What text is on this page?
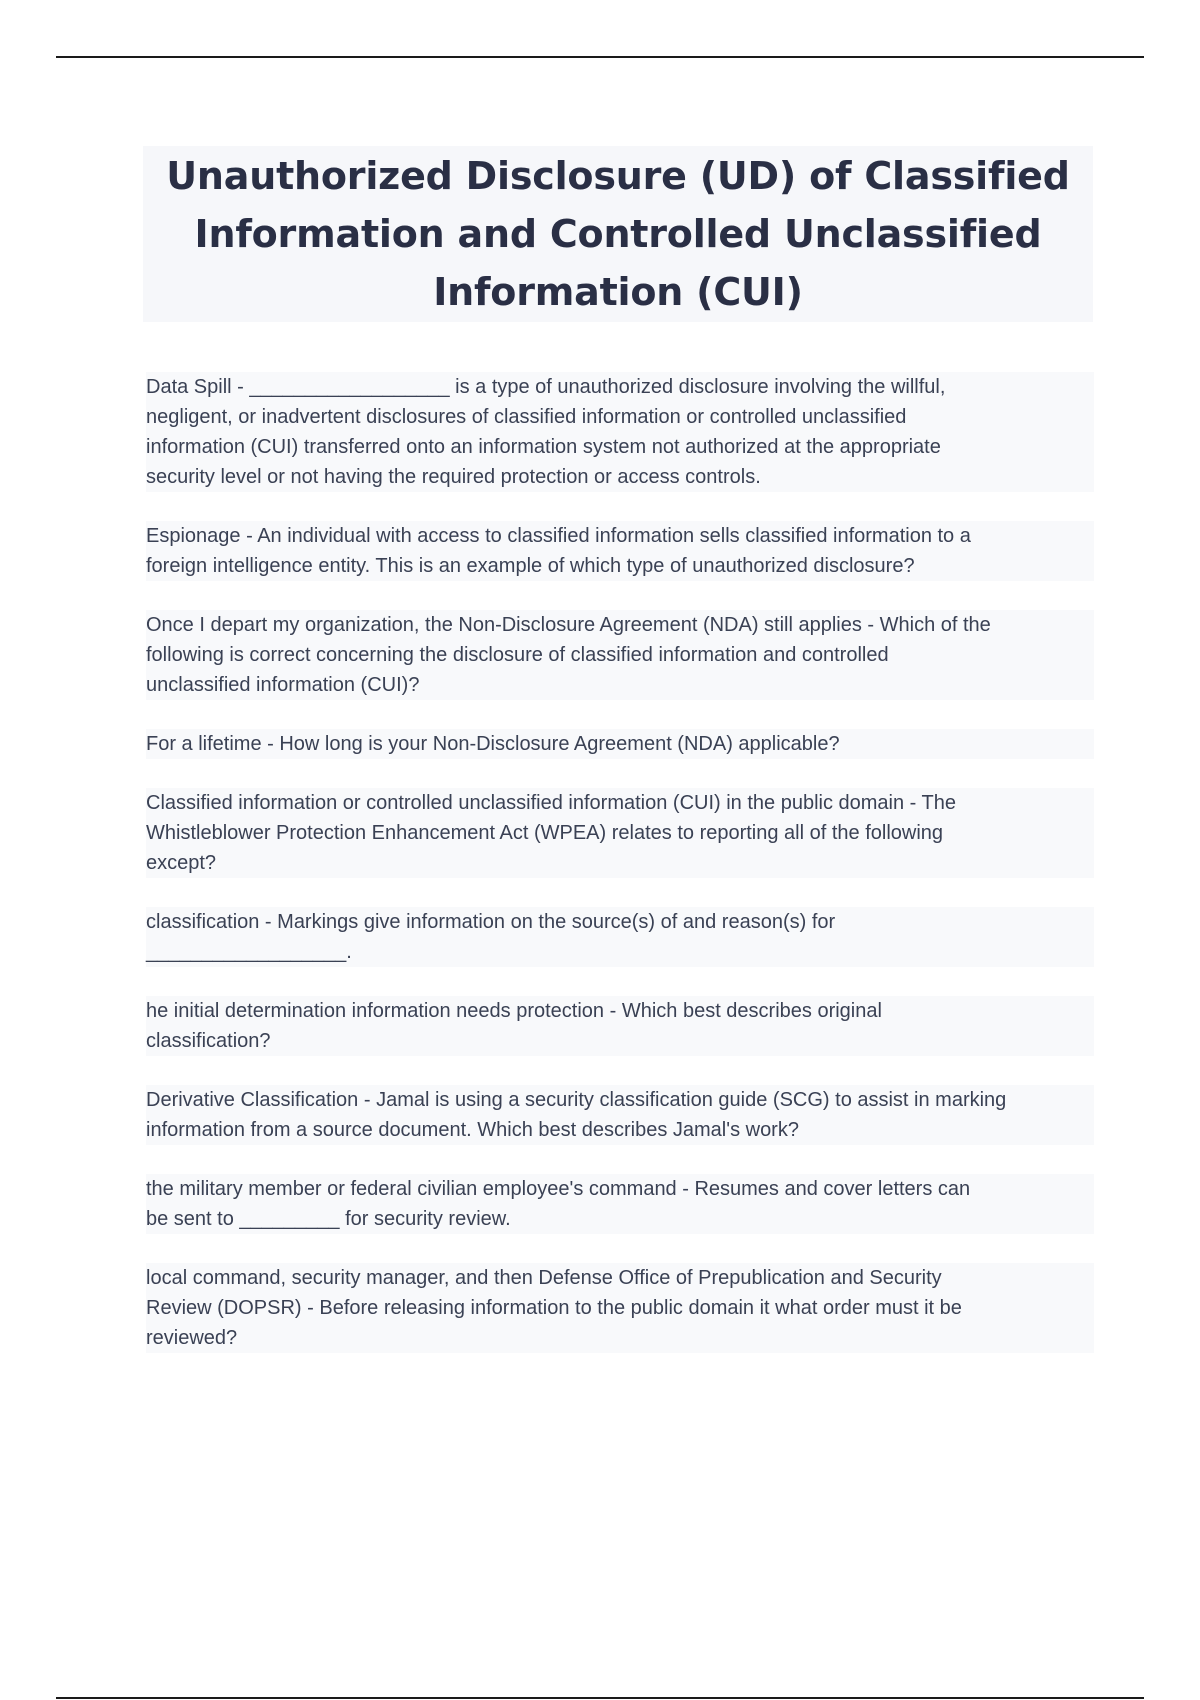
Unauthorized Disclosure (UD) of Classified
Information and Controlled Unclassified
Information (CUI)

Data Spill - __________________ is a type of unauthorized disclosure involving the willful,
negligent, or inadvertent disclosures of classified information or controlled unclassified
information (CUI) transferred onto an information system not authorized at the appropriate
security level or not having the required protection or access controls.

Espionage - An individual with access to classified information sells classified information to a
foreign intelligence entity. This is an example of which type of unauthorized disclosure?

Once I depart my organization, the Non-Disclosure Agreement (NDA) still applies - Which of the
following is correct concerning the disclosure of classified information and controlled
unclassified information (CUI)?

For a lifetime - How long is your Non-Disclosure Agreement (NDA) applicable?

Classified information or controlled unclassified information (CUI) in the public domain - The
Whistleblower Protection Enhancement Act (WPEA) relates to reporting all of the following
except?

classification - Markings give information on the source(s) of and reason(s) for
__________________.

he initial determination information needs protection - Which best describes original
classification?

Derivative Classification - Jamal is using a security classification guide (SCG) to assist in marking
information from a source document. Which best describes Jamal's work?

the military member or federal civilian employee's command - Resumes and cover letters can
be sent to _________ for security review.

local command, security manager, and then Defense Office of Prepublication and Security
Review (DOPSR) - Before releasing information to the public domain it what order must it be
reviewed?
